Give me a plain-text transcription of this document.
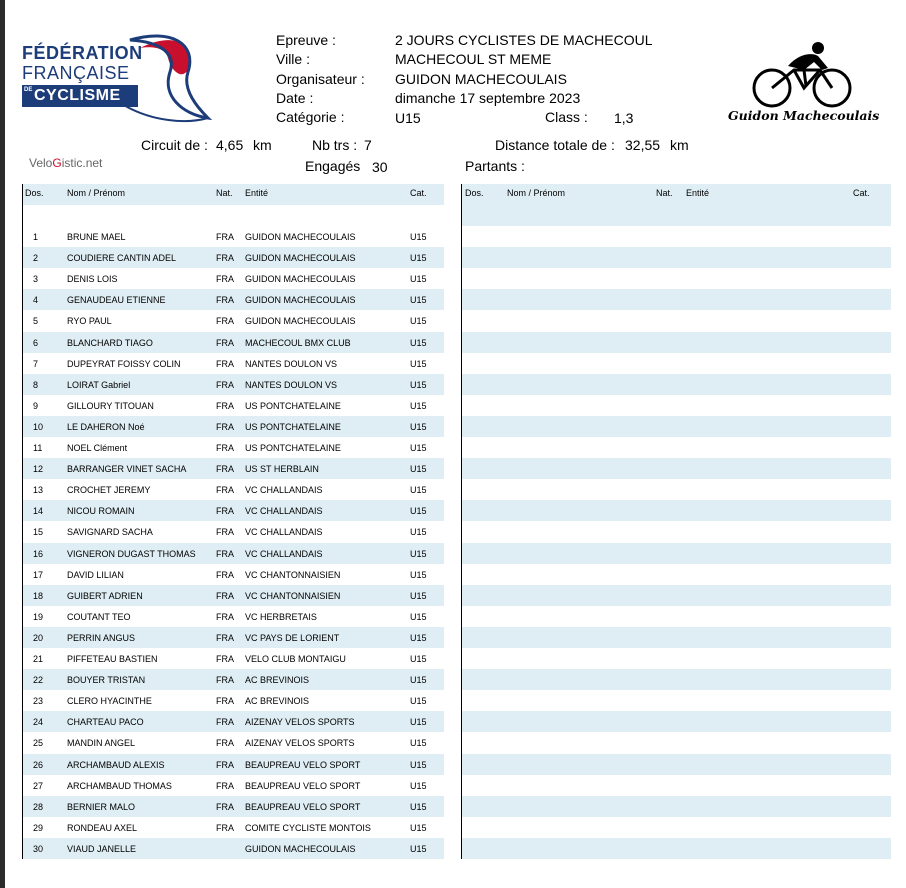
FÉDÉRATION
FRANÇAISE
DE CYCLISME
VeloGistic.net
Epreuve :	2 JOURS CYCLISTES DE MACHECOUL
Ville :	MACHECOUL ST MEME
Organisateur : GUIDON MACHECOULAIS
Date :	dimanche 17 septembre 2023
Catégorie :	U15	Class : 1,3	Guidon Machecoulais
Circuit de : 4,65 km	Nb trs : 7	Distance totale de : 32,55 km
Engagés 30	Partants :
Dos.	Nom / Prénom	Nat. Entité	Cat.
1	BRUNE MAEL	FRA GUIDON MACHECOULAIS	U15
2	COUDIERE CANTIN ADEL	FRA GUIDON MACHECOULAIS	U15
3	DENIS LOIS	FRA GUIDON MACHECOULAIS	U15
4	GENAUDEAU ETIENNE	FRA GUIDON MACHECOULAIS	U15
5	RYO PAUL	FRA GUIDON MACHECOULAIS	U15
6	BLANCHARD TIAGO	FRA MACHECOUL BMX CLUB	U15
7	DUPEYRAT FOISSY COLIN	FRA NANTES DOULON VS	U15
8	LOIRAT Gabriel	FRA NANTES DOULON VS	U15
9	GILLOURY TITOUAN	FRA US PONTCHATELAINE	U15
10	LE DAHERON Noé	FRA US PONTCHATELAINE	U15
11	NOEL Clément	FRA US PONTCHATELAINE	U15
12	BARRANGER VINET SACHA	FRA US ST HERBLAIN	U15
13	CROCHET JEREMY	FRA VC CHALLANDAIS	U15
14	NICOU ROMAIN	FRA VC CHALLANDAIS	U15
15	SAVIGNARD SACHA	FRA VC CHALLANDAIS	U15
16	VIGNERON DUGAST THOMAS FRA VC CHALLANDAIS	U15
17	DAVID LILIAN	FRA VC CHANTONNAISIEN	U15
18	GUIBERT ADRIEN	FRA VC CHANTONNAISIEN	U15
19	COUTANT TEO	FRA VC HERBRETAIS	U15
20	PERRIN ANGUS	FRA VC PAYS DE LORIENT	U15
21	PIFFETEAU BASTIEN	FRA VELO CLUB MONTAIGU	U15
22	BOUYER TRISTAN	FRA AC BREVINOIS	U15
23	CLERO HYACINTHE	FRA AC BREVINOIS	U15
24	CHARTEAU PACO	FRA AIZENAY VELOS SPORTS	U15
25	MANDIN ANGEL	FRA AIZENAY VELOS SPORTS	U15
26	ARCHAMBAUD ALEXIS	FRA BEAUPREAU VELO SPORT	U15
27	ARCHAMBAUD THOMAS	FRA BEAUPREAU VELO SPORT	U15
28	BERNIER MALO	FRA BEAUPREAU VELO SPORT	U15
29	RONDEAU AXEL	FRA COMITE CYCLISTE MONTOIS	U15
30	VIAUD JANELLE	GUIDON MACHECOULAIS	U15
Dos.	Nom / Prénom	Nat. Entité	Cat.
